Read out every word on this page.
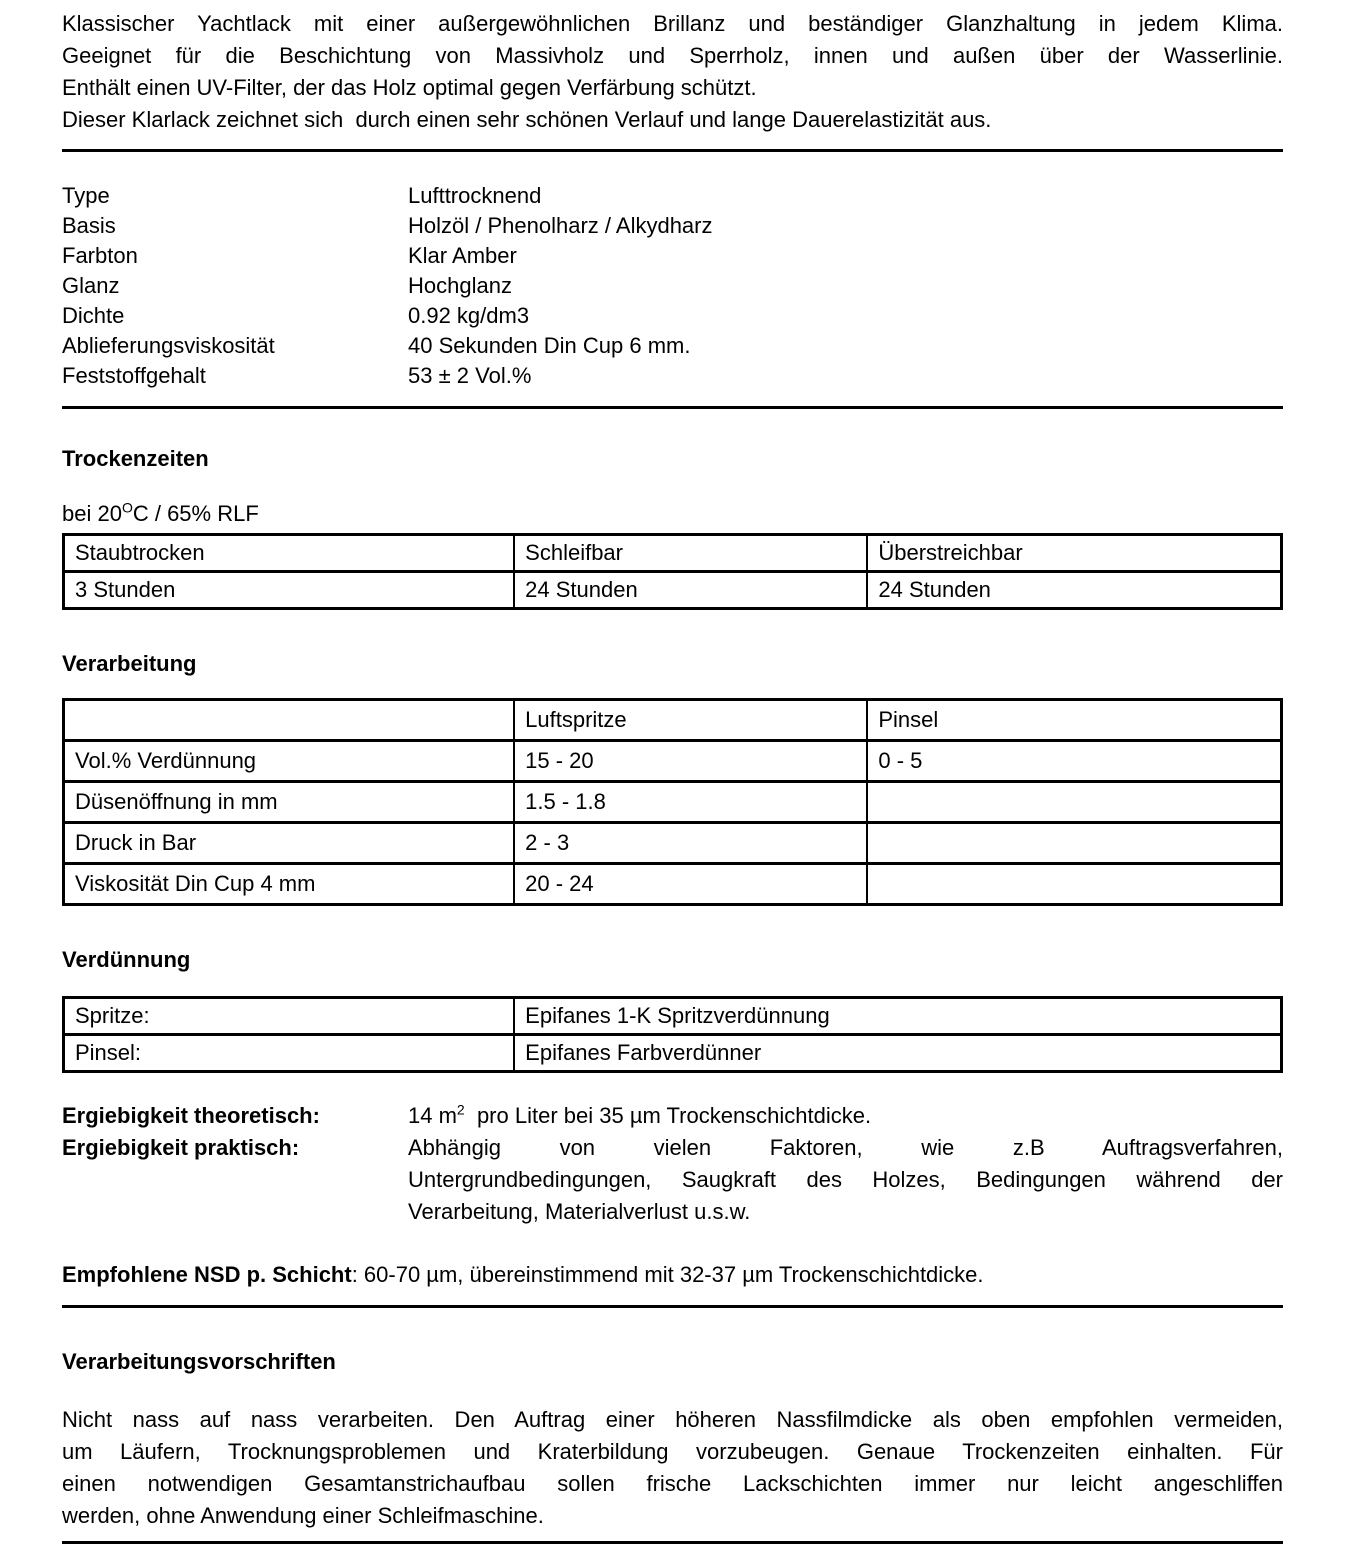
Klassischer Yachtlack mit einer außergewöhnlichen Brillanz und beständiger Glanzhaltung in jedem Klima.
Geeignet für die Beschichtung von Massivholz und Sperrholz, innen und außen über der Wasserlinie.
Enthält einen UV-Filter, der das Holz optimal gegen Verfärbung schützt.
Dieser Klarlack zeichnet sich  durch einen sehr schönen Verlauf und lange Dauerelastizität aus.
Type	Lufttrocknend
Basis	Holzöl / Phenolharz / Alkydharz
Farbton	Klar Amber
Glanz	Hochglanz
Dichte	0.92 kg/dm3
Ablieferungsviskosität	40 Sekunden Din Cup 6 mm.
Feststoffgehalt	53 ± 2 Vol.%
Trockenzeiten

bei $20^OC / 65\%$ RLF

Staubtrocken	Schleifbar	Überstreichbar
3 Stunden	24 Stunden	24 Stunden
Verarbeitung
	Luftspritze	Pinsel
Vol.% Verdünnung	15 - 20	0 - 5
Düsenöffnung in mm	1.5 - 1.8	
Druck in Bar	2 - 3	
Viskosität Din Cup 4 mm	20 - 24	
Verdünnung
Spritze:	Epifanes 1-K Spritzverdünnung
Pinsel:	Epifanes Farbverdünner
Ergiebigkeit theoretisch:	14 $m^2$  pro Liter bei 35 µm Trockenschichtdicke.
Ergiebigkeit praktisch:	Abhängig von vielen Faktoren, wie z.B Auftragsverfahren,
Untergrundbedingungen, Saugkraft des Holzes, Bedingungen während der
Verarbeitung, Materialverlust u.s.w.

Empfohlene NSD p. Schicht: 60-70 µm, übereinstimmend mit 32-37 µm Trockenschichtdicke.

Verarbeitungsvorschriften
Nicht nass auf nass verarbeiten. Den Auftrag einer höheren Nassfilmdicke als oben empfohlen vermeiden,
um Läufern, Trocknungsproblemen und Kraterbildung vorzubeugen. Genaue Trockenzeiten einhalten. Für
einen notwendigen Gesamtanstrichaufbau sollen frische Lackschichten immer nur leicht angeschliffen
werden, ohne Anwendung einer Schleifmaschine.
